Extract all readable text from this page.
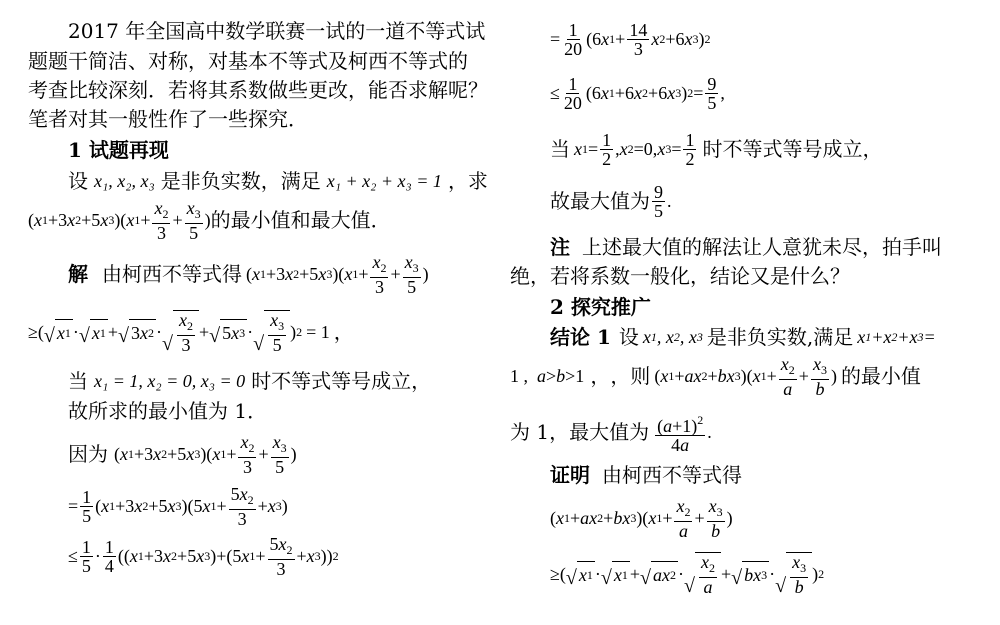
2017 年全国高中数学联赛一试的一道不等式试
题题干简洁、对称，对基本不等式及柯西不等式的
考查比较深刻．若将其系数做些更改，能否求解呢？
笔者对其一般性作了一些探究．
1 试题再现
设 x₁, x₂, x₃ 是非负实数，满足 x₁ + x₂ + x₃ = 1 ，求
( x 1 +3 x 2 +5 x 3 )( x $1 + \frac{x_2}{3} + \frac{x_3}{5}$ ) 的最小值和最大值．
解 由柯西不等式得 ( x 1 +3 x 2 +5 x 3 )( x $1 + \frac{x_2}{3} + \frac{x_3}{5}$ )
≥( √ x 1 · √ x 1 + √ 3 x 2 ·
√ $\frac{x_2}{3}$ + √ 5 x 3 ·
√ $\frac{x_3}{5}$ ) 2 = 1 ，
当 x₁ = 1, x₂ = 0, x₃ = 0 时不等式等号成立，
故所求的最小值为 1．
因为 ( x 1 +3 x 2 +5 x 3 )( x $1 + \frac{x_2}{3} + \frac{x_3}{5}$ )
= $\frac{1}{5}$ ( x 1 +3 x 2 +5 x 3 )(5 x $1 + \frac{5x_2}{3} + x$ 3 )
≤ $\frac{1}{5} \cdot \frac{1}{4}$ (( x 1 +3 x 2 +5 x 3 )+(5 x $1 + \frac{5x_2}{3} + x$ 3 )) 2
= $\frac{1}{20} (6$ x $1 + \frac{14}{3}$ x 2 +6 x 3 ) 2
≤ $\frac{1}{20} (6$ x 1 +6 x 2 +6 x 3 ) $2 = \frac{9}{5}$ ,
当 x $1 = \frac{1}{2}$ , x 2 =0, x $3 = \frac{1}{2}$ 时不等式等号成立，
故最大值为 $\frac{9}{5}$ .
注 上述最大值的解法让人意犹未尽，拍手叫
绝，若将系数一般化，结论又是什么？
2 探究推广
结论 1 设 x 1 , x 2 , x 3 是非负实数,满足 x 1 +x 2 +x 3 =
1 , a > b >1 ， ，则 ( x 1 + ax 2 + bx 3 )( x $1 + \frac{x_2}{a} + \frac{x_3}{b}$ ) 的最小值
为 1，最大值为 $\frac{(a+1)^2}{4a}$ .
证明 由柯西不等式得
( x 1 + ax 2 + bx 3 )( x $1 + \frac{x_2}{a} + \frac{x_3}{b}$ )
≥( √ x 1 · √ x 1 + √ ax 2 ·
√ $\frac{x_2}{a}$ + √ bx 3 ·
√ $\frac{x_3}{b}$ ) 2
